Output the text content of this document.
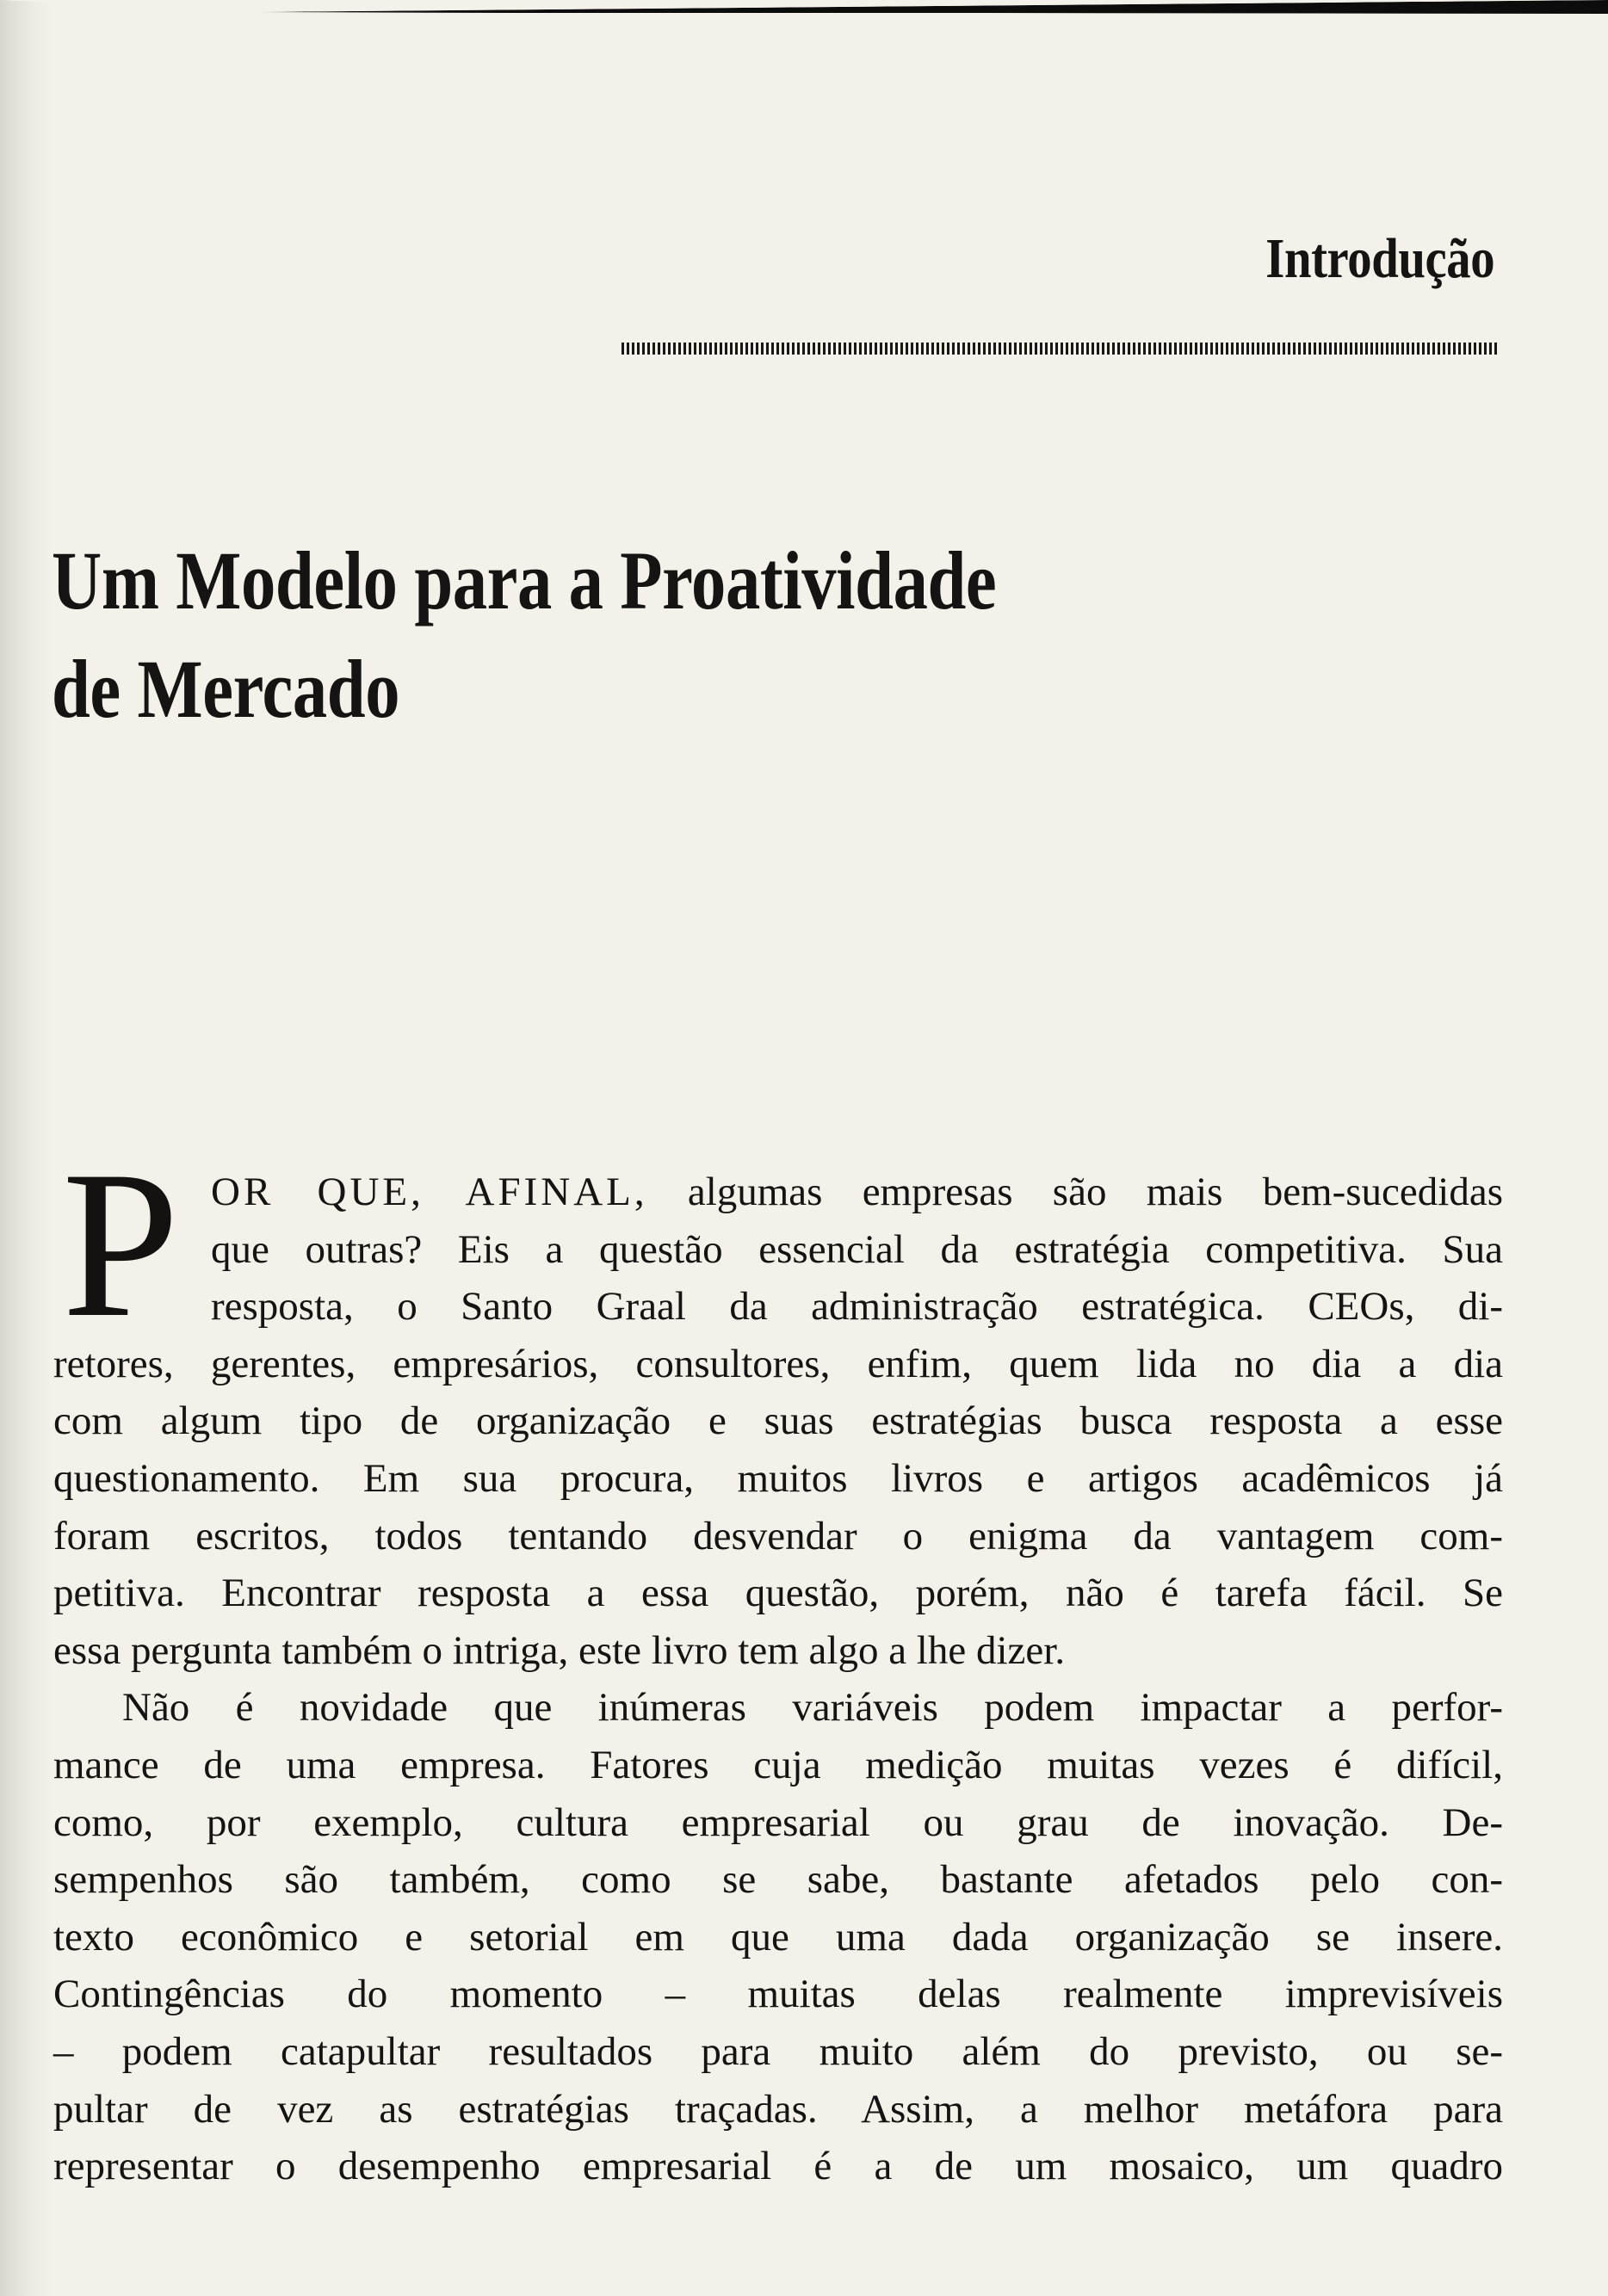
Introdução
Um Modelo para a Proatividade
de Mercado
P OR QUE, AFINAL, algumas empresas são mais bem-sucedidas
que outras? Eis a questão essencial da estratégia competitiva. Sua
resposta, o Santo Graal da administração estratégica. CEOs, di-
retores, gerentes, empresários, consultores, enfim, quem lida no dia a dia
com algum tipo de organização e suas estratégias busca resposta a esse
questionamento. Em sua procura, muitos livros e artigos acadêmicos já
foram escritos, todos tentando desvendar o enigma da vantagem com-
petitiva. Encontrar resposta a essa questão, porém, não é tarefa fácil. Se
essa pergunta também o intriga, este livro tem algo a lhe dizer.
Não é novidade que inúmeras variáveis podem impactar a perfor-
mance de uma empresa. Fatores cuja medição muitas vezes é difícil,
como, por exemplo, cultura empresarial ou grau de inovação. De-
sempenhos são também, como se sabe, bastante afetados pelo con-
texto econômico e setorial em que uma dada organização se insere.
Contingências do momento – muitas delas realmente imprevisíveis
– podem catapultar resultados para muito além do previsto, ou se-
pultar de vez as estratégias traçadas. Assim, a melhor metáfora para
representar o desempenho empresarial é a de um mosaico, um quadro
